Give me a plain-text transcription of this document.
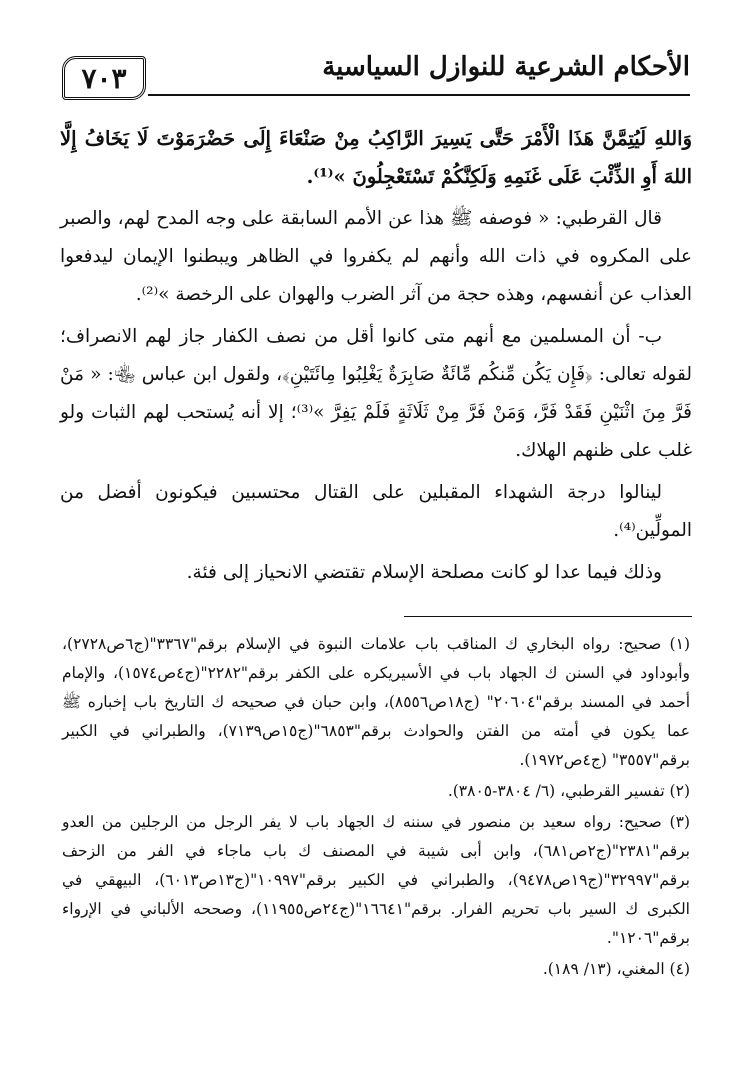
٧٠٣	الأحكام الشرعية للنوازل السياسية

وَاللهِ لَيُتِمَّنَّ هَذَا الْأَمْرَ حَتَّى يَسِيرَ الرَّاكِبُ مِنْ صَنْعَاءَ إِلَى حَضْرَمَوْتَ لَا يَخَافُ إِلَّا اللهَ أَوِ الذِّئْبَ عَلَى غَنَمِهِ وَلَكِنَّكُمْ تَسْتَعْجِلُونَ »⁽¹⁾.

قال القرطبي: « فوصفه ﷺ هذا عن الأمم السابقة على وجه المدح لهم، والصبر على المكروه في ذات الله وأنهم لم يكفروا في الظاهر ويبطنوا الإيمان ليدفعوا العذاب عن أنفسهم، وهذه حجة من آثر الضرب والهوان على الرخصة »⁽²⁾.

ب- أن المسلمين مع أنهم متى كانوا أقل من نصف الكفار جاز لهم الانصراف؛ لقوله تعالى: ﴿فَإِن يَكُن مِّنكُم مِّائَةٌ صَابِرَةٌ يَغْلِبُوا مِائَتَيْنِ﴾، ولقول ابن عباس ﵄: « مَنْ فَرَّ مِنَ اثْنَيْنِ فَقَدْ فَرَّ، وَمَنْ فَرَّ مِنْ ثَلَاثَةٍ فَلَمْ يَفِرَّ »⁽³⁾؛ إلا أنه يُستحب لهم الثبات ولو غلب على ظنهم الهلاك.

لينالوا درجة الشهداء المقبلين على القتال محتسبين فيكونون أفضل من المولِّين⁽⁴⁾.

وذلك فيما عدا لو كانت مصلحة الإسلام تقتضي الانحياز إلى فئة.

(١) صحيح: رواه البخاري ك المناقب باب علامات النبوة في الإسلام برقم"٣٣٦٧"(ج٦ص٢٧٢٨)، وأبوداود في السنن ك الجهاد باب في الأسيريكره على الكفر برقم"٢٢٨٢"(ج٤ص١٥٧٤)، والإمام أحمد في المسند برقم"٢٠٦٠٤" (ج١٨ص٨٥٥٦)، وابن حبان في صحيحه ك التاريخ باب إخباره ﷺ عما يكون في أمته من الفتن والحوادث برقم"٦٨٥٣"(ج١٥ص٧١٣٩)، والطبراني في الكبير برقم"٣٥٥٧" (ج٤ص١٩٧٢).

(٢) تفسير القرطبي، (٦/ ٣٨٠٤-٣٨٠٥).

(٣) صحيح: رواه سعيد بن منصور في سننه ك الجهاد باب لا يفر الرجل من الرجلين من العدو برقم"٢٣٨١"(ج٢ص٦٨١)، وابن أبى شيبة في المصنف ك باب ماجاء في الفر من الزحف برقم"٣٢٩٩٧"(ج١٩ص٩٤٧٨)، والطبراني في الكبير برقم"١٠٩٩٧"(ج١٣ص٦٠١٣)، البيهقي في الكبرى ك السير باب تحريم الفرار. برقم"١٦٦٤١"(ج٢٤ص١١٩٥٥)، وصححه الألباني في الإرواء برقم"١٢٠٦".

(٤) المغني، (١٣/ ١٨٩).
